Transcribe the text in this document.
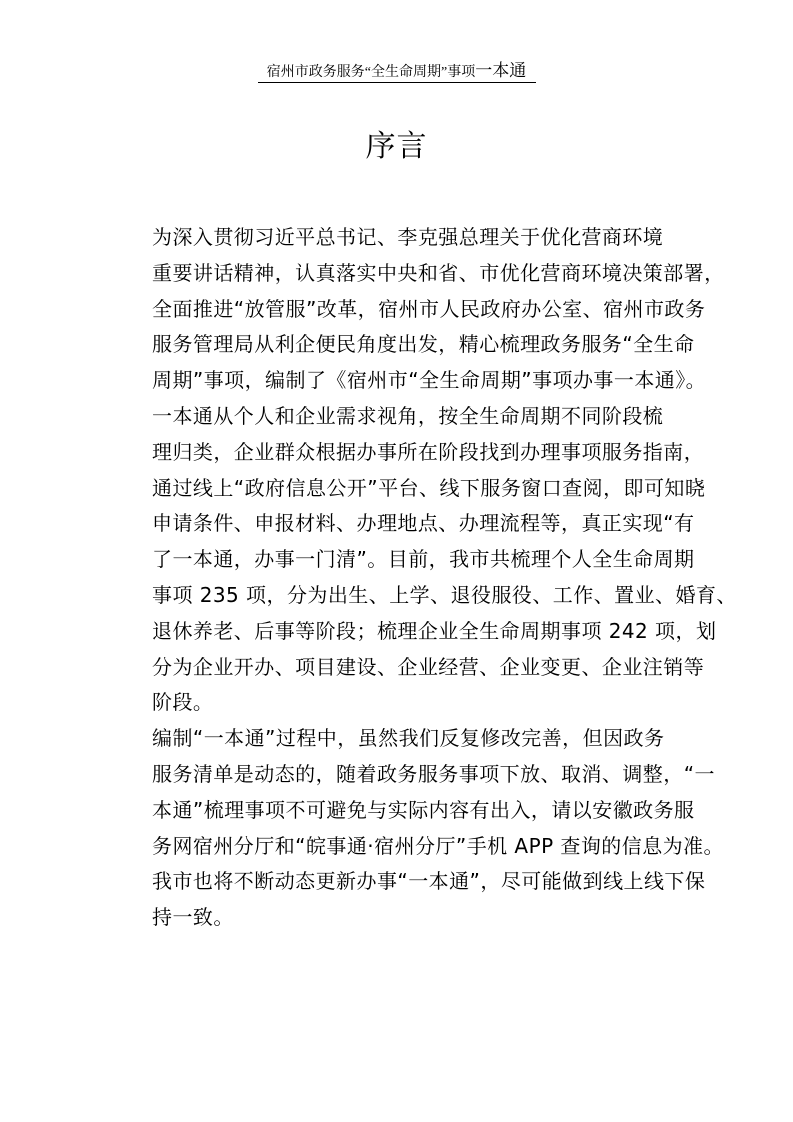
宿州市政务服务“全生命周期”事项一本通
序言

为深入贯彻习近平总书记、李克强总理关于优化营商环境
重要讲话精神，认真落实中央和省、市优化营商环境决策部署，
全面推进“放管服”改革，宿州市人民政府办公室、宿州市政务
服务管理局从利企便民角度出发，精心梳理政务服务“全生命
周期”事项，编制了《宿州市“全生命周期”事项办事一本通》。

一本通从个人和企业需求视角，按全生命周期不同阶段梳
理归类，企业群众根据办事所在阶段找到办理事项服务指南，
通过线上“政府信息公开”平台、线下服务窗口查阅，即可知晓
申请条件、申报材料、办理地点、办理流程等，真正实现“有
了一本通，办事一门清”。目前，我市共梳理个人全生命周期
事项 235 项，分为出生、上学、退役服役、工作、置业、婚育、
退休养老、后事等阶段；梳理企业全生命周期事项 242 项，划
分为企业开办、项目建设、企业经营、企业变更、企业注销等
阶段。

编制“一本通”过程中，虽然我们反复修改完善，但因政务
服务清单是动态的，随着政务服务事项下放、取消、调整，“一
本通”梳理事项不可避免与实际内容有出入，请以安徽政务服
务网宿州分厅和“皖事通·宿州分厅”手机 APP 查询的信息为准。
我市也将不断动态更新办事“一本通”，尽可能做到线上线下保
持一致。
